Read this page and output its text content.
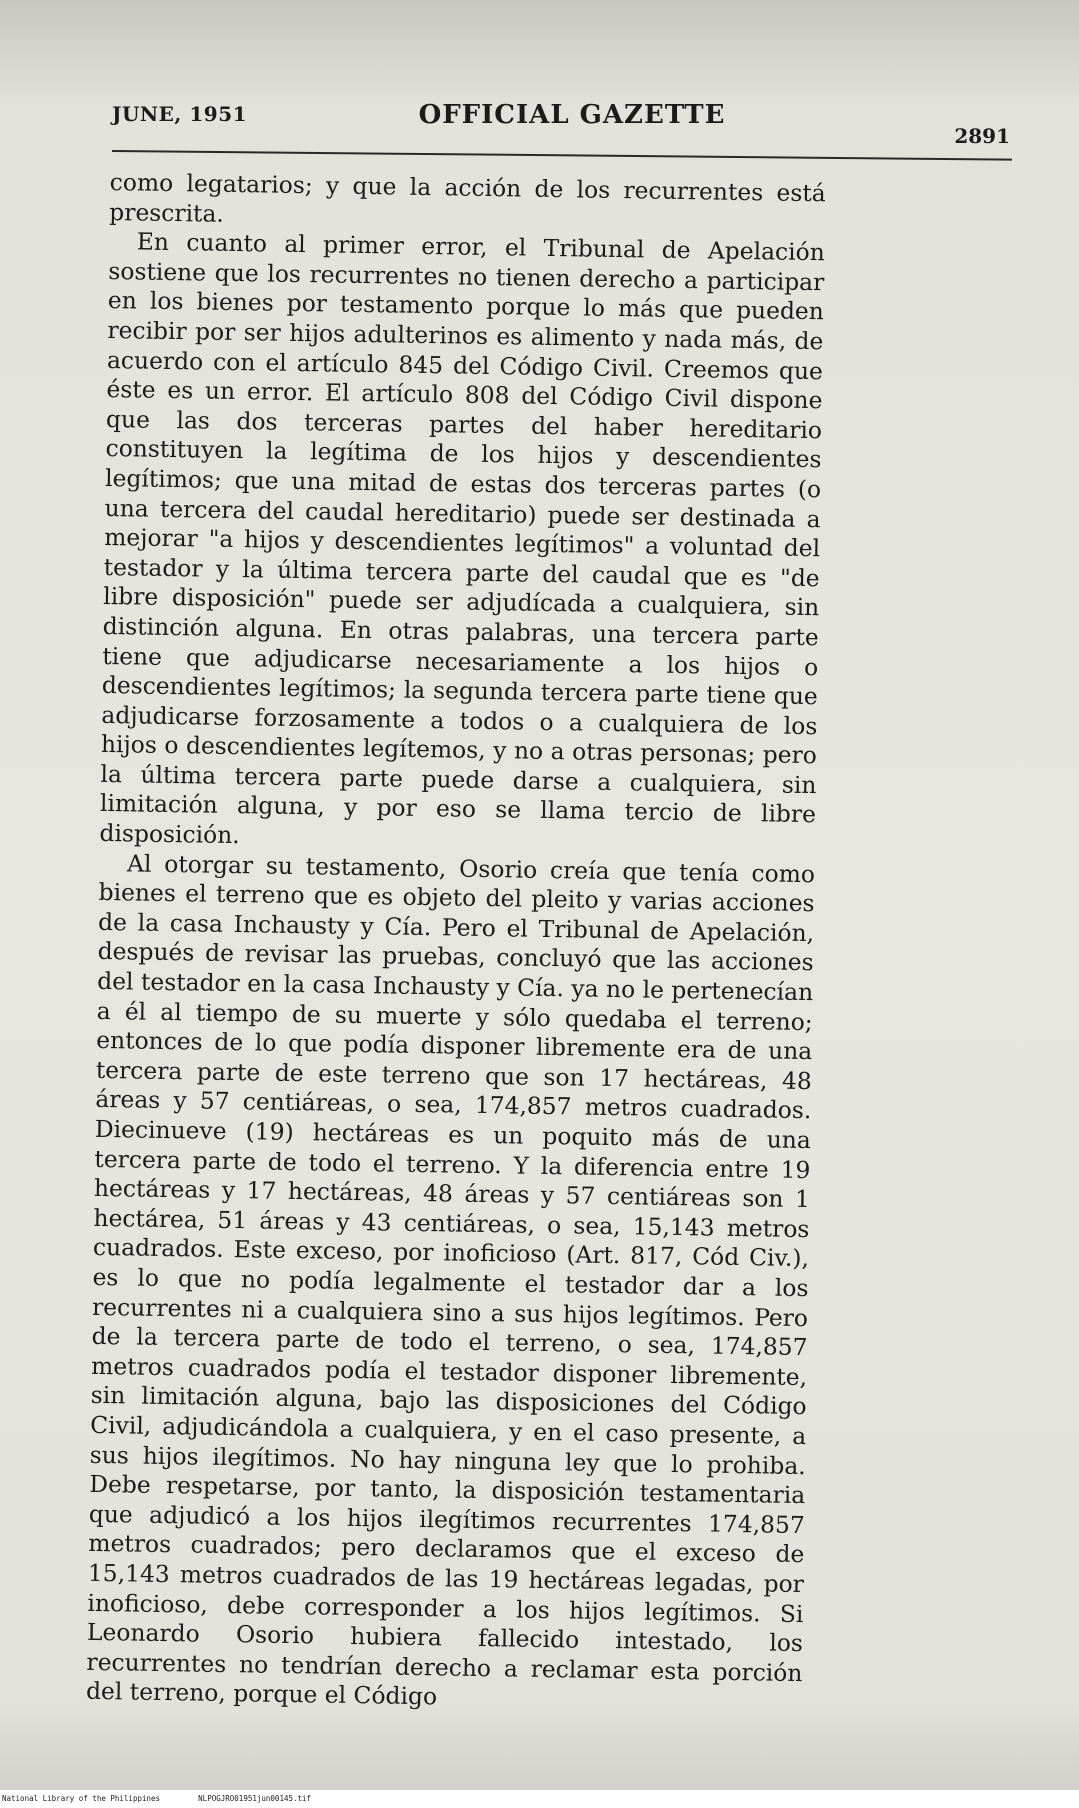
JUNE, 1951	OFFICIAL GAZETTE
2891

como legatarios; y que la acción de los recurrentes está prescrita.

En cuanto al primer error, el Tribunal de Apelación sostiene que los recurrentes no tienen derecho a participar en los bienes por testamento porque lo más que pueden recibir por ser hijos adulterinos es alimento y nada más, de acuerdo con el artículo 845 del Código Civil. Creemos que éste es un error. El artículo 808 del Código Civil dispone que las dos terceras partes del haber hereditario constituyen la legítima de los hijos y descendientes legítimos; que una mitad de estas dos terceras partes (o una tercera del caudal hereditario) puede ser destinada a mejorar "a hijos y descendientes legítimos" a voluntad del testador y la última tercera parte del caudal que es "de libre disposición" puede ser adjudícada a cualquiera, sin distinción alguna. En otras palabras, una tercera parte tiene que adjudicarse necesariamente a los hijos o descendientes legítimos; la segunda tercera parte tiene que adjudicarse forzosamente a todos o a cualquiera de los hijos o descendientes legítemos, y no a otras personas; pero la última tercera parte puede darse a cualquiera, sin limitación alguna, y por eso se llama tercio de libre disposición.

Al otorgar su testamento, Osorio creía que tenía como bienes el terreno que es objeto del pleito y varias acciones de la casa Inchausty y Cía. Pero el Tribunal de Apelación, después de revisar las pruebas, concluyó que las acciones del testador en la casa Inchausty y Cía. ya no le pertenecían a él al tiempo de su muerte y sólo quedaba el terreno; entonces de lo que podía disponer libremente era de una tercera parte de este terreno que son 17 hectáreas, 48 áreas y 57 centiáreas, o sea, 174,857 metros cuadrados. Diecinueve (19) hectáreas es un poquito más de una tercera parte de todo el terreno. Y la diferencia entre 19 hectáreas y 17 hectáreas, 48 áreas y 57 centiáreas son 1 hectárea, 51 áreas y 43 centiáreas, o sea, 15,143 metros cuadrados. Este exceso, por inoficioso (Art. 817, Cód Civ.), es lo que no podía legalmente el testador dar a los recurrentes ni a cualquiera sino a sus hijos legítimos. Pero de la tercera parte de todo el terreno, o sea, 174,857 metros cuadrados podía el testador disponer libremente, sin limitación alguna, bajo las disposiciones del Código Civil, adjudicándola a cualquiera, y en el caso presente, a sus hijos ilegítimos. No hay ninguna ley que lo prohiba. Debe respetarse, por tanto, la disposición testamentaria que adjudicó a los hijos ilegítimos recurrentes 174,857 metros cuadrados; pero declaramos que el exceso de 15,143 metros cuadrados de las 19 hectáreas legadas, por inoficioso, debe corresponder a los hijos legítimos. Si Leonardo Osorio hubiera fallecido intestado, los recurrentes no tendrían derecho a reclamar esta porción del terreno, porque el Código

National Library of the Philippines	NLPOGJRO01951jun00145.tif
